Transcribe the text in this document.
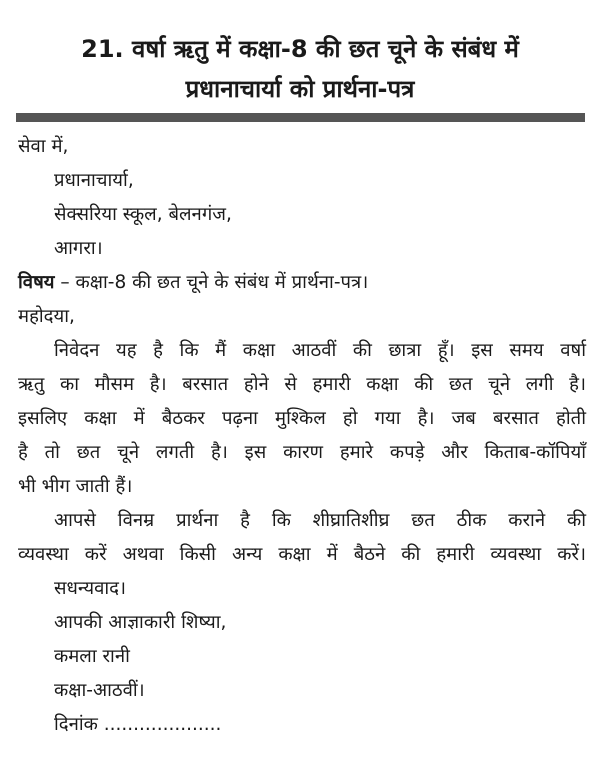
21. वर्षा ऋतु में कक्षा-8 की छत चूने के संबंध में
प्रधानाचार्या को प्रार्थना-पत्र
सेवा में,
प्रधानाचार्या,
सेक्सरिया स्कूल, बेलनगंज,
आगरा।
विषय – कक्षा-8 की छत चूने के संबंध में प्रार्थना-पत्र।
महोदया,
निवेदन यह है कि मैं कक्षा आठवीं की छात्रा हूँ। इस समय वर्षा
ऋतु का मौसम है। बरसात होने से हमारी कक्षा की छत चूने लगी है।
इसलिए कक्षा में बैठकर पढ़ना मुश्किल हो गया है। जब बरसात होती
है तो छत चूने लगती है। इस कारण हमारे कपड़े और किताब-कॉपियाँ
भी भीग जाती हैं।
आपसे विनम्र प्रार्थना है कि शीघ्रातिशीघ्र छत ठीक कराने की
व्यवस्था करें अथवा किसी अन्य कक्षा में बैठने की हमारी व्यवस्था करें।
सधन्यवाद।
आपकी आज्ञाकारी शिष्या,
कमला रानी
कक्षा-आठवीं।
दिनांक ....................
